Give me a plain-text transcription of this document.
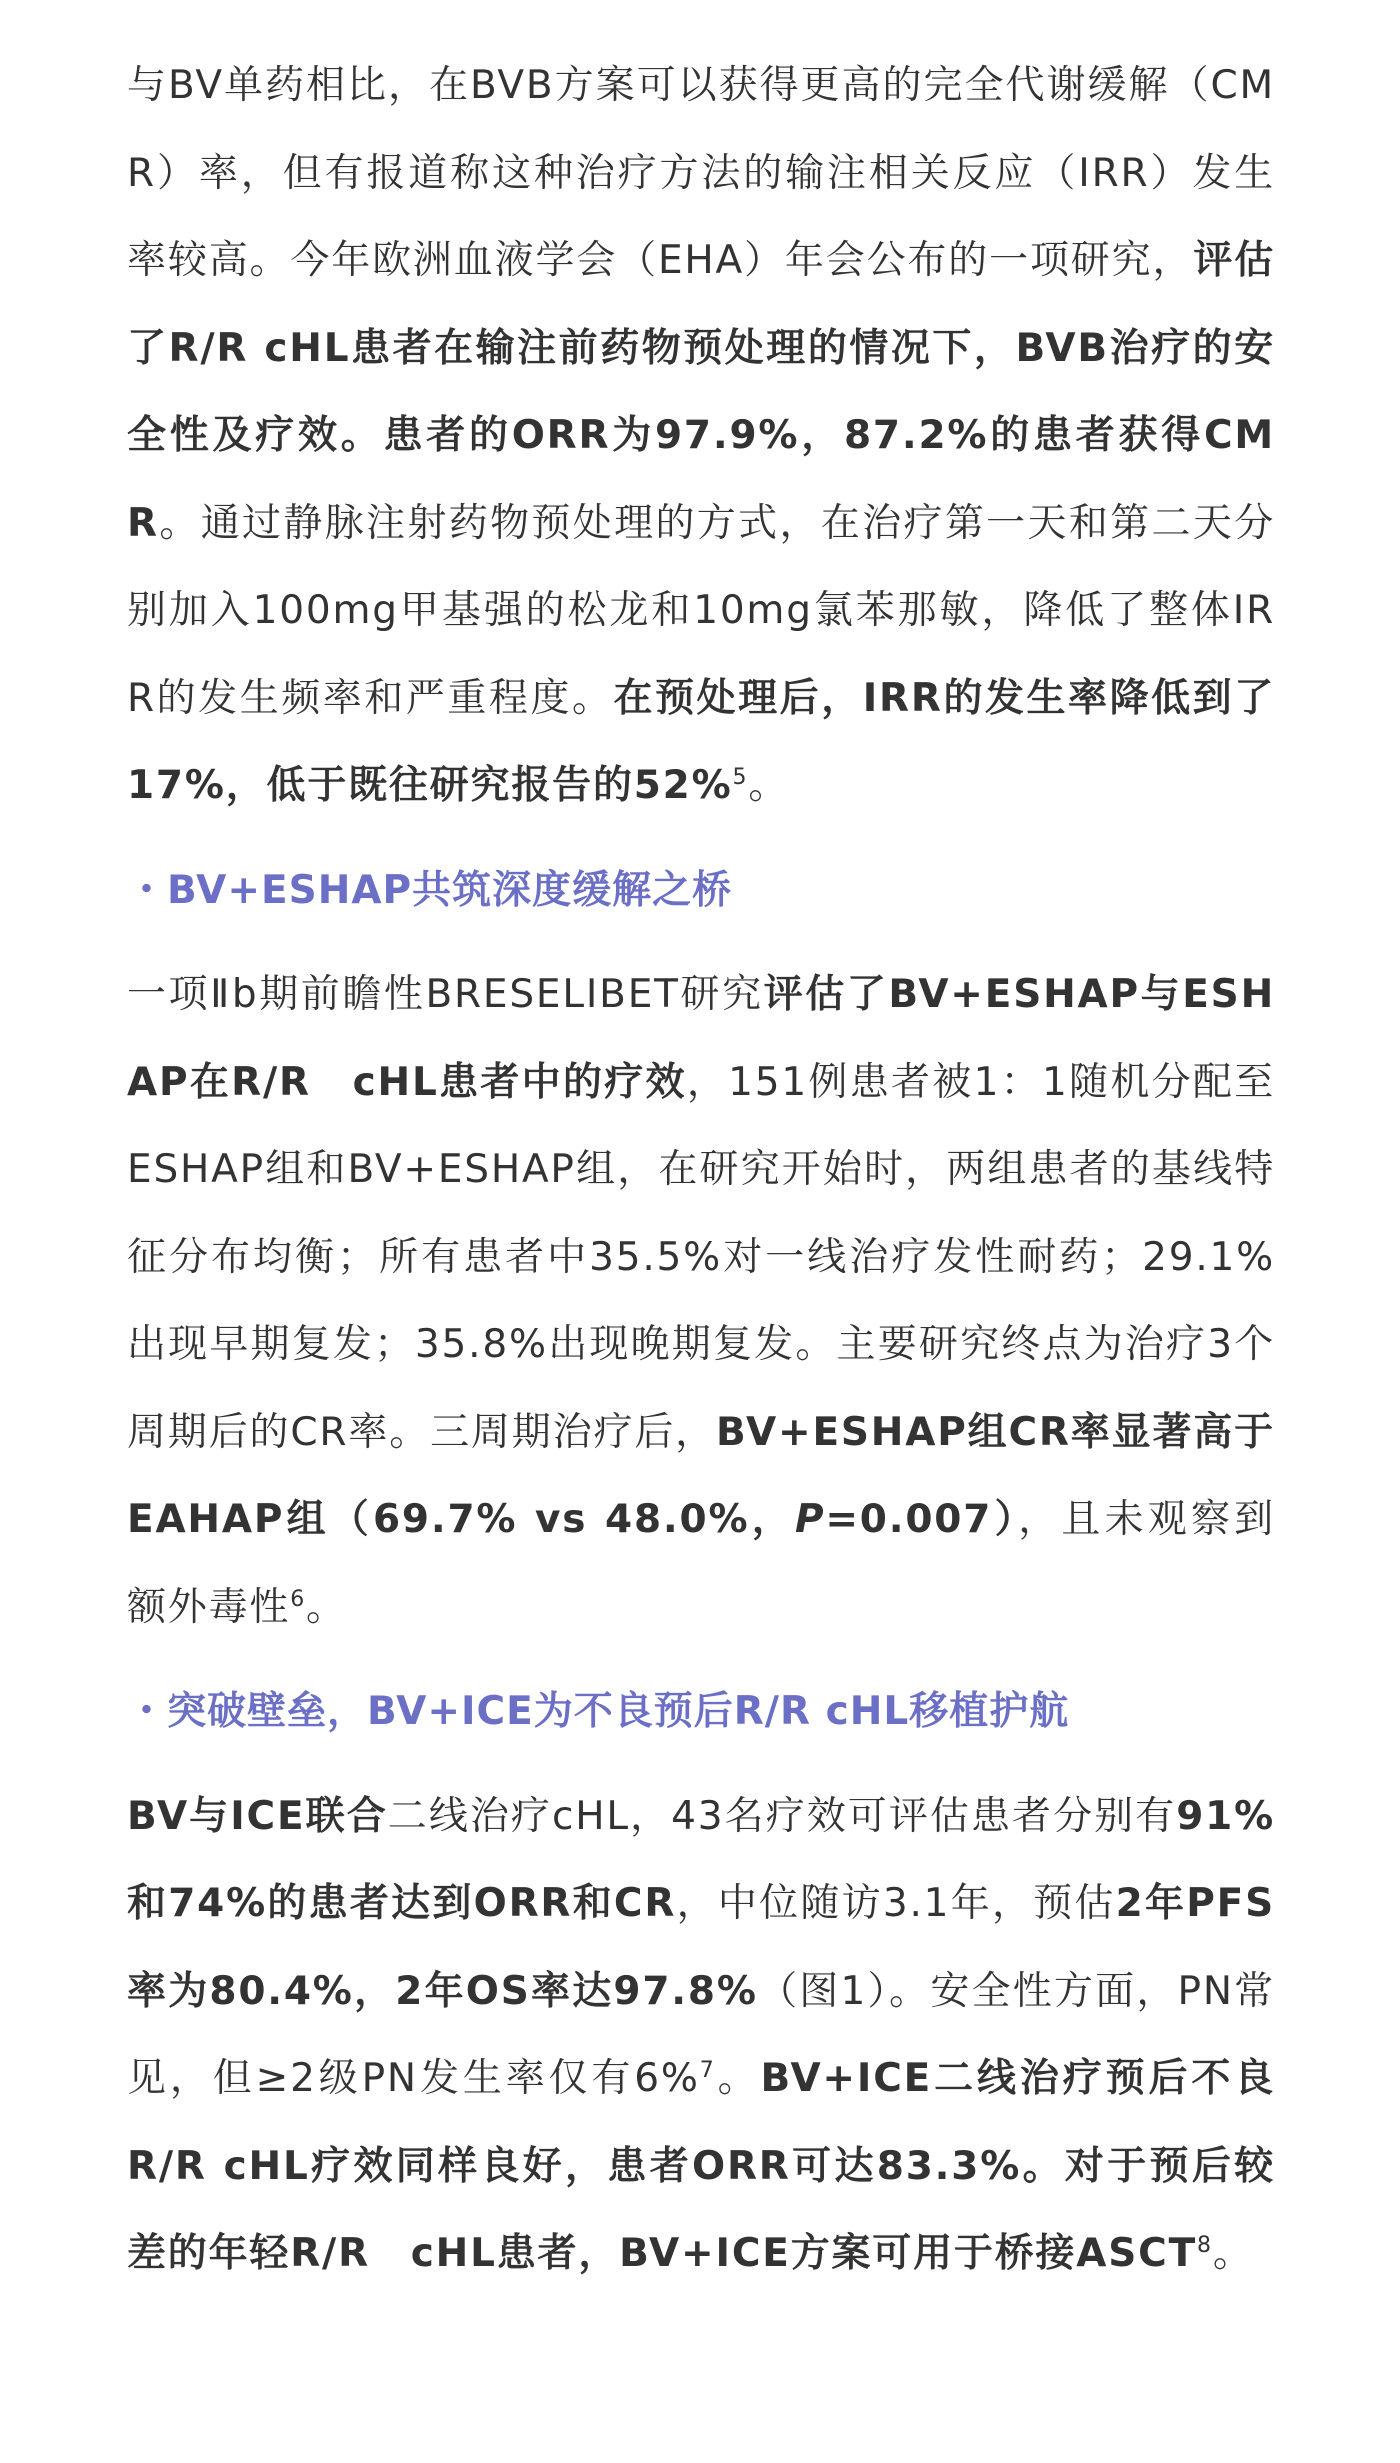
与BV单药相比，在BVB方案可以获得更高的完全代谢缓解（CMR）率，但有报道称这种治疗方法的输注相关反应（IRR）发生率较高。今年欧洲血液学会（EHA）年会公布的一项研究，评估了R/R cHL患者在输注前药物预处理的情况下，BVB治疗的安全性及疗效。患者的ORR为97.9%，87.2%的患者获得CMR。通过静脉注射药物预处理的方式，在治疗第一天和第二天分别加入100mg甲基强的松龙和10mg氯苯那敏，降低了整体IRR的发生频率和严重程度。在预处理后，IRR的发生率降低到了17%，低于既往研究报告的52%$^5$。

・BV+ESHAP共筑深度缓解之桥

一项Ⅱb期前瞻性BRESELIBET研究评估了BV+ESHAP与ESHAP在R/R　cHL患者中的疗效，151例患者被1：1随机分配至ESHAP组和BV+ESHAP组，在研究开始时，两组患者的基线特征分布均衡；所有患者中35.5%对一线治疗发性耐药；29.1%出现早期复发；35.8%出现晚期复发。主要研究终点为治疗3个周期后的CR率。三周期治疗后，BV+ESHAP组CR率显著高于EAHAP组（69.7% vs 48.0%，P=0.007），且未观察到额外毒性$^6$。

・突破壁垒，BV+ICE为不良预后R/R cHL移植护航

BV与ICE联合二线治疗cHL，43名疗效可评估患者分别有91%和74%的患者达到ORR和CR，中位随访3.1年，预估2年PFS率为80.4%，2年OS率达97.8%（图1）。安全性方面，PN常见，但≥2级PN发生率仅有6%$^7$。BV+ICE二线治疗预后不良R/R cHL疗效同样良好，患者ORR可达83.3%。对于预后较差的年轻R/R　cHL患者，BV+ICE方案可用于桥接ASCT$^8$。
